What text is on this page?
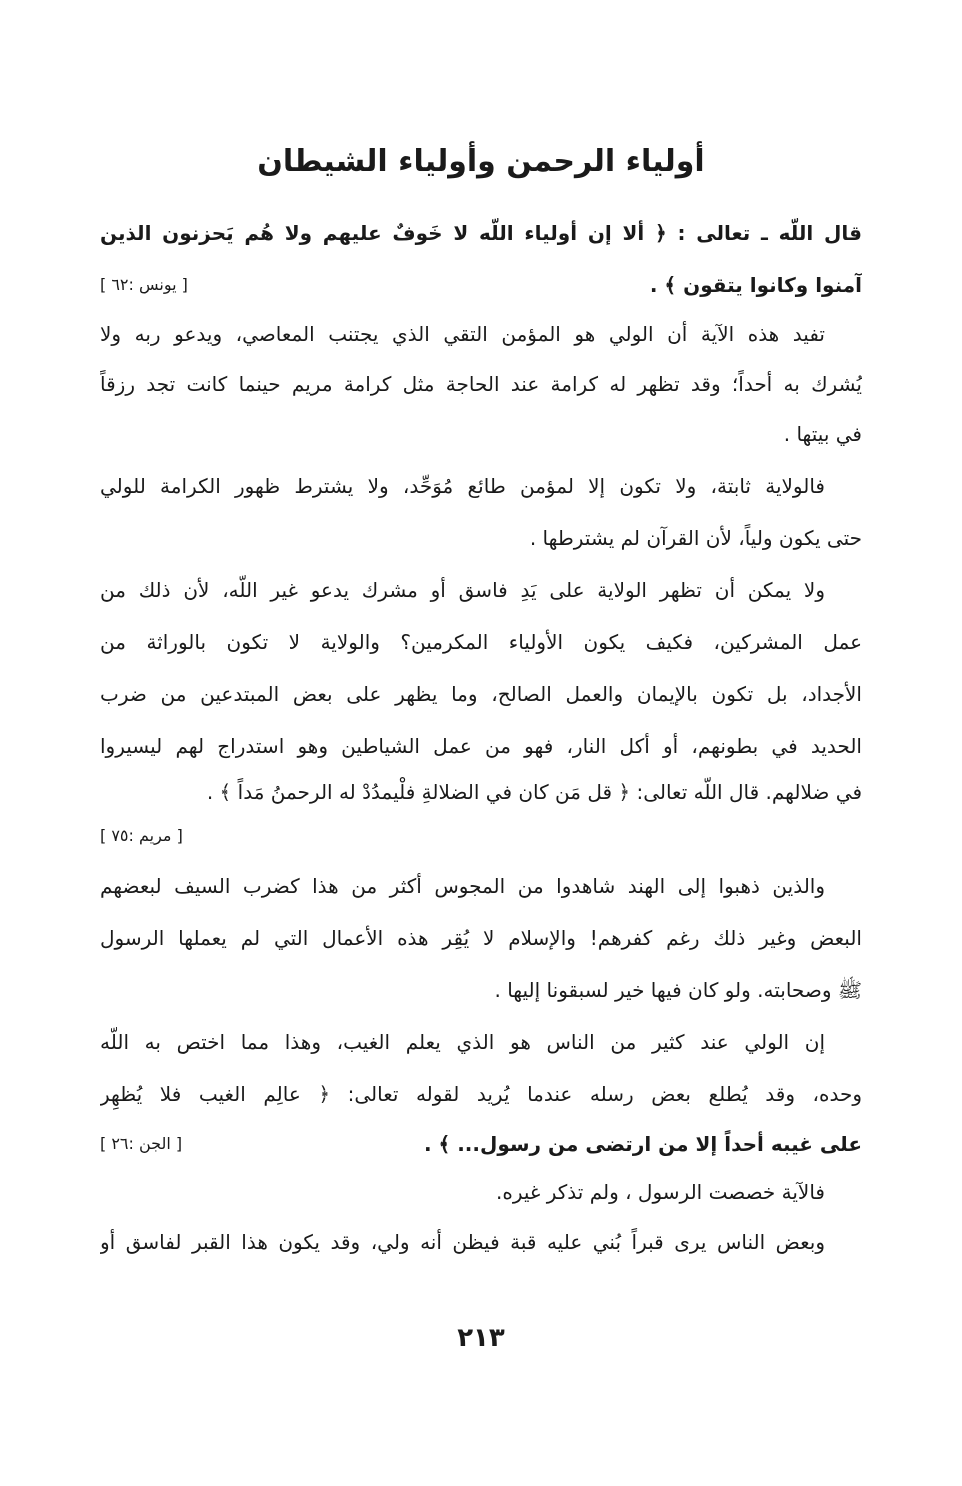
أولياء الرحمن وأولياء الشيطان
قال اللّه ـ تعالى : ﴿ ألا إن أولياء اللّه لا خَوفٌ عليهم ولا هُم يَحزنون الذين
آمنوا وكانوا يتقون ﴾ .
[ يونس :٦٢ ]
تفيد هذه الآية أن الولي هو المؤمن التقي الذي يجتنب المعاصي، ويدعو ربه ولا
يُشرك به أحداً؛ وقد تظهر له كرامة عند الحاجة مثل كرامة مريم حينما كانت تجد رزقاً
في بيتها .
فالولاية ثابتة، ولا تكون إلا لمؤمن طائع مُوَحِّد، ولا يشترط ظهور الكرامة للولي
حتى يكون ولياً، لأن القرآن لم يشترطها .
ولا يمكن أن تظهر الولاية على يَدِ فاسق أو مشرك يدعو غير اللّه، لأن ذلك من
عمل المشركين، فكيف يكون الأولياء المكرمين؟ والولاية لا تكون بالوراثة من
الأجداد، بل تكون بالإيمان والعمل الصالح، وما يظهر على بعض المبتدعين من ضرب
الحديد في بطونهم، أو أكل النار، فهو من عمل الشياطين وهو استدراج لهم ليسيروا
في ضلالهم. قال اللّه تعالى: ﴿ قل مَن كان في الضلالةِ فلْيمدُدْ له الرحمنُ مَداً ﴾ .
[ مريم :٧٥ ]
والذين ذهبوا إلى الهند شاهدوا من المجوس أكثر من هذا كضرب السيف لبعضهم
البعض وغير ذلك رغم كفرهم! والإسلام لا يُقِر هذه الأعمال التي لم يعملها الرسول
ﷺ وصحابته. ولو كان فيها خير لسبقونا إليها .
إن الولي عند كثير من الناس هو الذي يعلم الغيب، وهذا مما اختص به اللّه
وحده، وقد يُطلع بعض رسله عندما يُريد لقوله تعالى: ﴿ عالِم الغيب فلا يُظهِر
على غيبه أحداً إلا من ارتضى من رسول... ﴾ .
[ الجن :٢٦ ]
فالآية خصصت الرسول ، ولم تذكر غيره.
وبعض الناس يرى قبراً بُني عليه قبة فيظن أنه ولي، وقد يكون هذا القبر لفاسق أو
٢١٣
